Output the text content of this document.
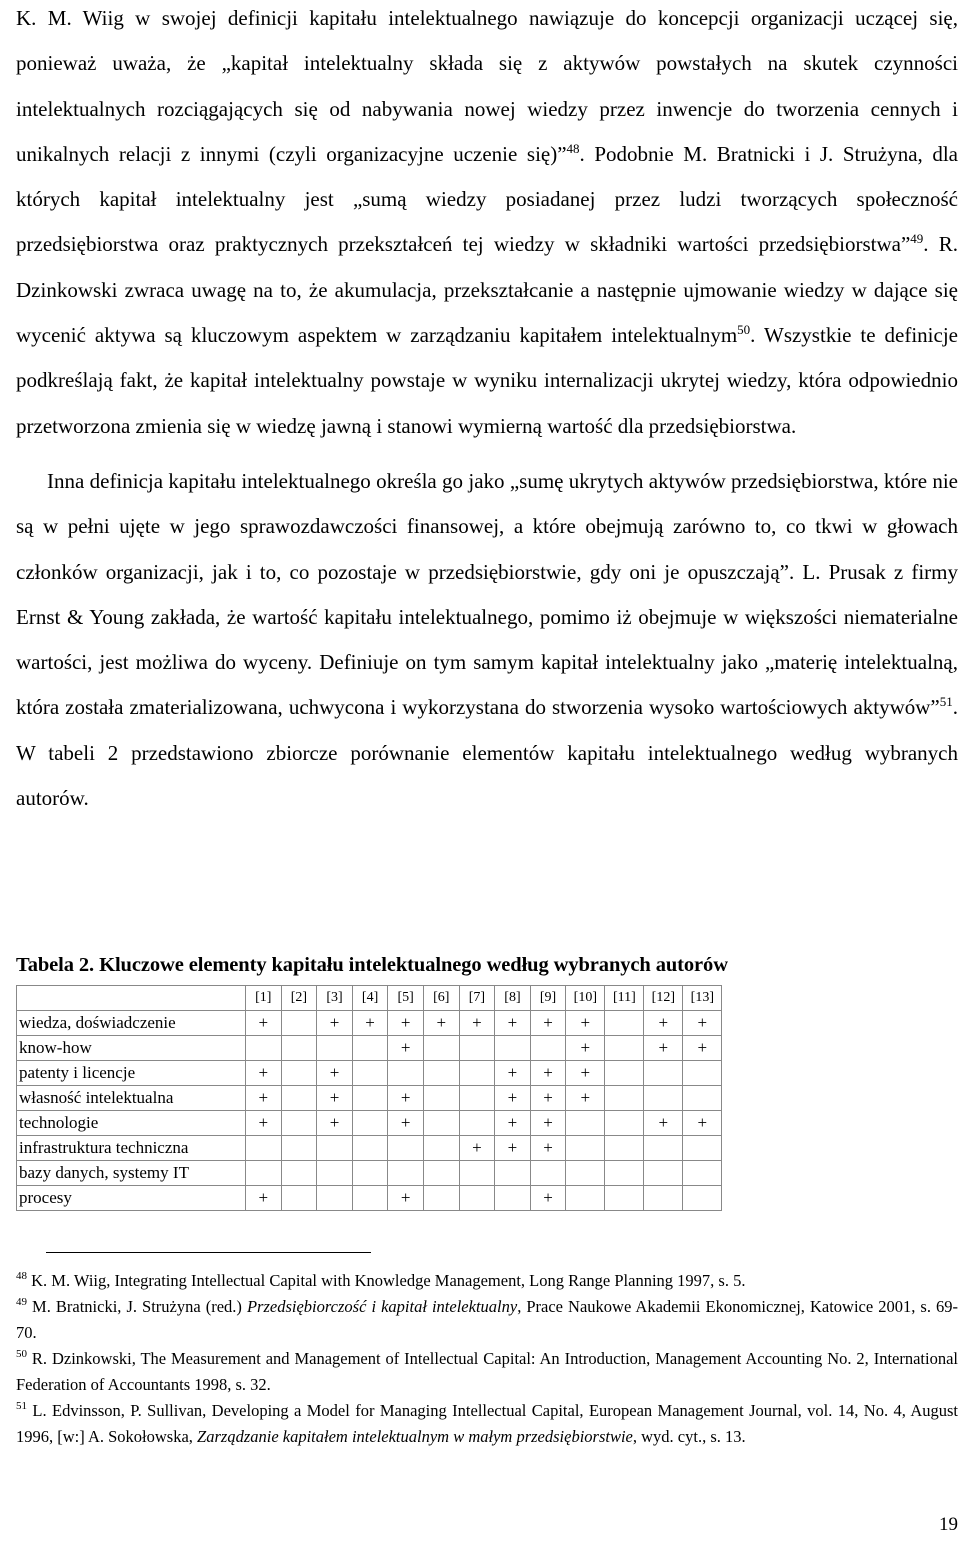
K. M. Wiig w swojej definicji kapitału intelektualnego nawiązuje do koncepcji organizacji uczącej się, ponieważ uważa, że „kapitał intelektualny składa się z aktywów powstałych na skutek czynności intelektualnych rozciągających się od nabywania nowej wiedzy przez inwencje do tworzenia cennych i unikalnych relacji z innymi (czyli organizacyjne uczenie się)”$^{48}$. Podobnie M. Bratnicki i J. Strużyna, dla których kapitał intelektualny jest „sumą wiedzy posiadanej przez ludzi tworzących społeczność przedsiębiorstwa oraz praktycznych przekształceń tej wiedzy w składniki wartości przedsiębiorstwa”$^{49}$. R. Dzinkowski zwraca uwagę na to, że akumulacja, przekształcanie a następnie ujmowanie wiedzy w dające się wycenić aktywa są kluczowym aspektem w zarządzaniu kapitałem intelektualnym$^{50}$. Wszystkie te definicje podkreślają fakt, że kapitał intelektualny powstaje w wyniku internalizacji ukrytej wiedzy, która odpowiednio przetworzona zmienia się w wiedzę jawną i stanowi wymierną wartość dla przedsiębiorstwa.

Inna definicja kapitału intelektualnego określa go jako „sumę ukrytych aktywów przedsiębiorstwa, które nie są w pełni ujęte w jego sprawozdawczości finansowej, a które obejmują zarówno to, co tkwi w głowach członków organizacji, jak i to, co pozostaje w przedsiębiorstwie, gdy oni je opuszczają”. L. Prusak z firmy Ernst & Young zakłada, że wartość kapitału intelektualnego, pomimo iż obejmuje w większości niematerialne wartości, jest możliwa do wyceny. Definiuje on tym samym kapitał intelektualny jako „materię intelektualną, która została zmaterializowana, uchwycona i wykorzystana do stworzenia wysoko wartościowych aktywów”$^{51}$. W tabeli 2 przedstawiono zbiorcze porównanie elementów kapitału intelektualnego według wybranych autorów.

Tabela 2. Kluczowe elementy kapitału intelektualnego według wybranych autorów
	[1]	[2]	[3]	[4]	[5]	[6]	[7]	[8]	[9]	[10]	[11]	[12]	[13]
wiedza, doświadczenie	+		+	+	+	+	+	+	+	+		+	+
know-how					+					+		+	+
patenty i licencje	+		+					+	+	+			
własność intelektualna	+		+		+			+	+	+			
technologie	+		+		+			+	+			+	+
infrastruktura techniczna							+	+	+				
bazy danych, systemy IT													
procesy	+				+				+				

$^{48}$ K. M. Wiig, Integrating Intellectual Capital with Knowledge Management, Long Range Planning 1997, s. 5.

$^{49}$ M. Bratnicki, J. Strużyna (red.) Przedsiębiorczość i kapitał intelektualny, Prace Naukowe Akademii Ekonomicznej, Katowice 2001, s. 69-70.

$^{50}$ R. Dzinkowski, The Measurement and Management of Intellectual Capital: An Introduction, Management Accounting No. 2, International Federation of Accountants 1998, s. 32.

$^{51}$ L. Edvinsson, P. Sullivan, Developing a Model for Managing Intellectual Capital, European Management Journal, vol. 14, No. 4, August 1996, [w:] A. Sokołowska, Zarządzanie kapitałem intelektualnym w małym przedsiębiorstwie, wyd. cyt., s. 13.

19
